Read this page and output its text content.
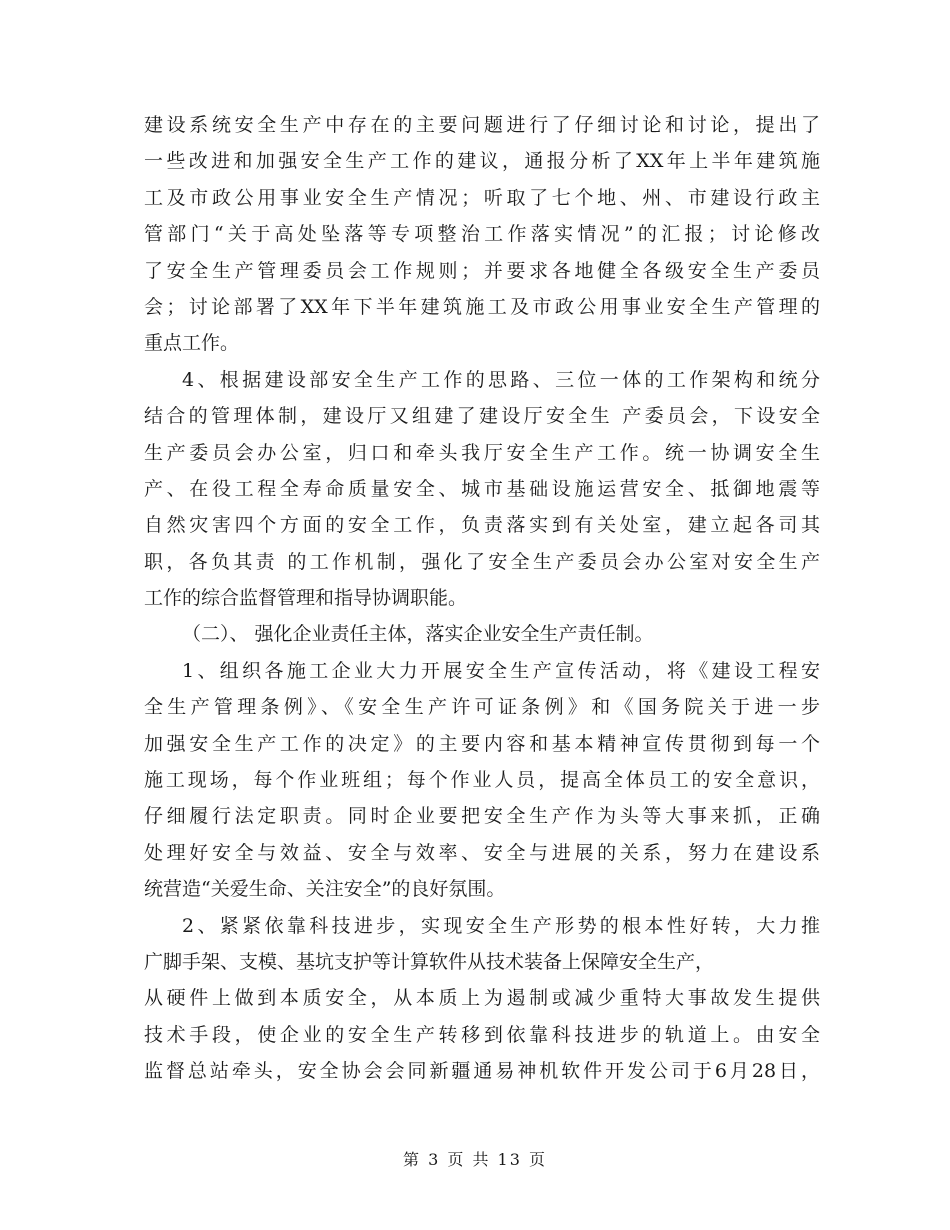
建设系统安全生产中存在的主要问题进行了仔细讨论和讨论，提出了
一些改进和加强安全生产工作的建议，通报分析了XX年上半年建筑施
工及市政公用事业安全生产情况；听取了七个地、州、市建设行政主
管部门“关于高处坠落等专项整治工作落实情况”的汇报；讨论修改
了安全生产管理委员会工作规则；并要求各地健全各级安全生产委员
会；讨论部署了XX年下半年建筑施工及市政公用事业安全生产管理的
重点工作。
4、根据建设部安全生产工作的思路、三位一体的工作架构和统分
结合的管理体制，建设厅又组建了建设厅安全生 产委员会，下设安全
生产委员会办公室，归口和牵头我厅安全生产工作。统一协调安全生
产、在役工程全寿命质量安全、城市基础设施运营安全、抵御地震等
自然灾害四个方面的安全工作，负责落实到有关处室，建立起各司其
职，各负其责 的工作机制，强化了安全生产委员会办公室对安全生产
工作的综合监督管理和指导协调职能。
（二）、 强化企业责任主体，落实企业安全生产责任制。
1、组织各施工企业大力开展安全生产宣传活动，将《建设工程安
全生产管理条例》、《安全生产许可证条例》和《国务院关于进一步
加强安全生产工作的决定》的主要内容和基本精神宣传贯彻到每一个
施工现场，每个作业班组；每个作业人员，提高全体员工的安全意识，
仔细履行法定职责。同时企业要把安全生产作为头等大事来抓，正确
处理好安全与效益、安全与效率、安全与进展的关系，努力在建设系
统营造“关爱生命、关注安全”的良好氛围。
2、紧紧依靠科技进步，实现安全生产形势的根本性好转，大力推
广脚手架、支模、基坑支护等计算软件从技术装备上保障安全生产，
从硬件上做到本质安全，从本质上为遏制或减少重特大事故发生提供
技术手段，使企业的安全生产转移到依靠科技进步的轨道上。由安全
监督总站牵头，安全协会会同新疆通易神机软件开发公司于6月28日，
第 3 页 共 13 页
